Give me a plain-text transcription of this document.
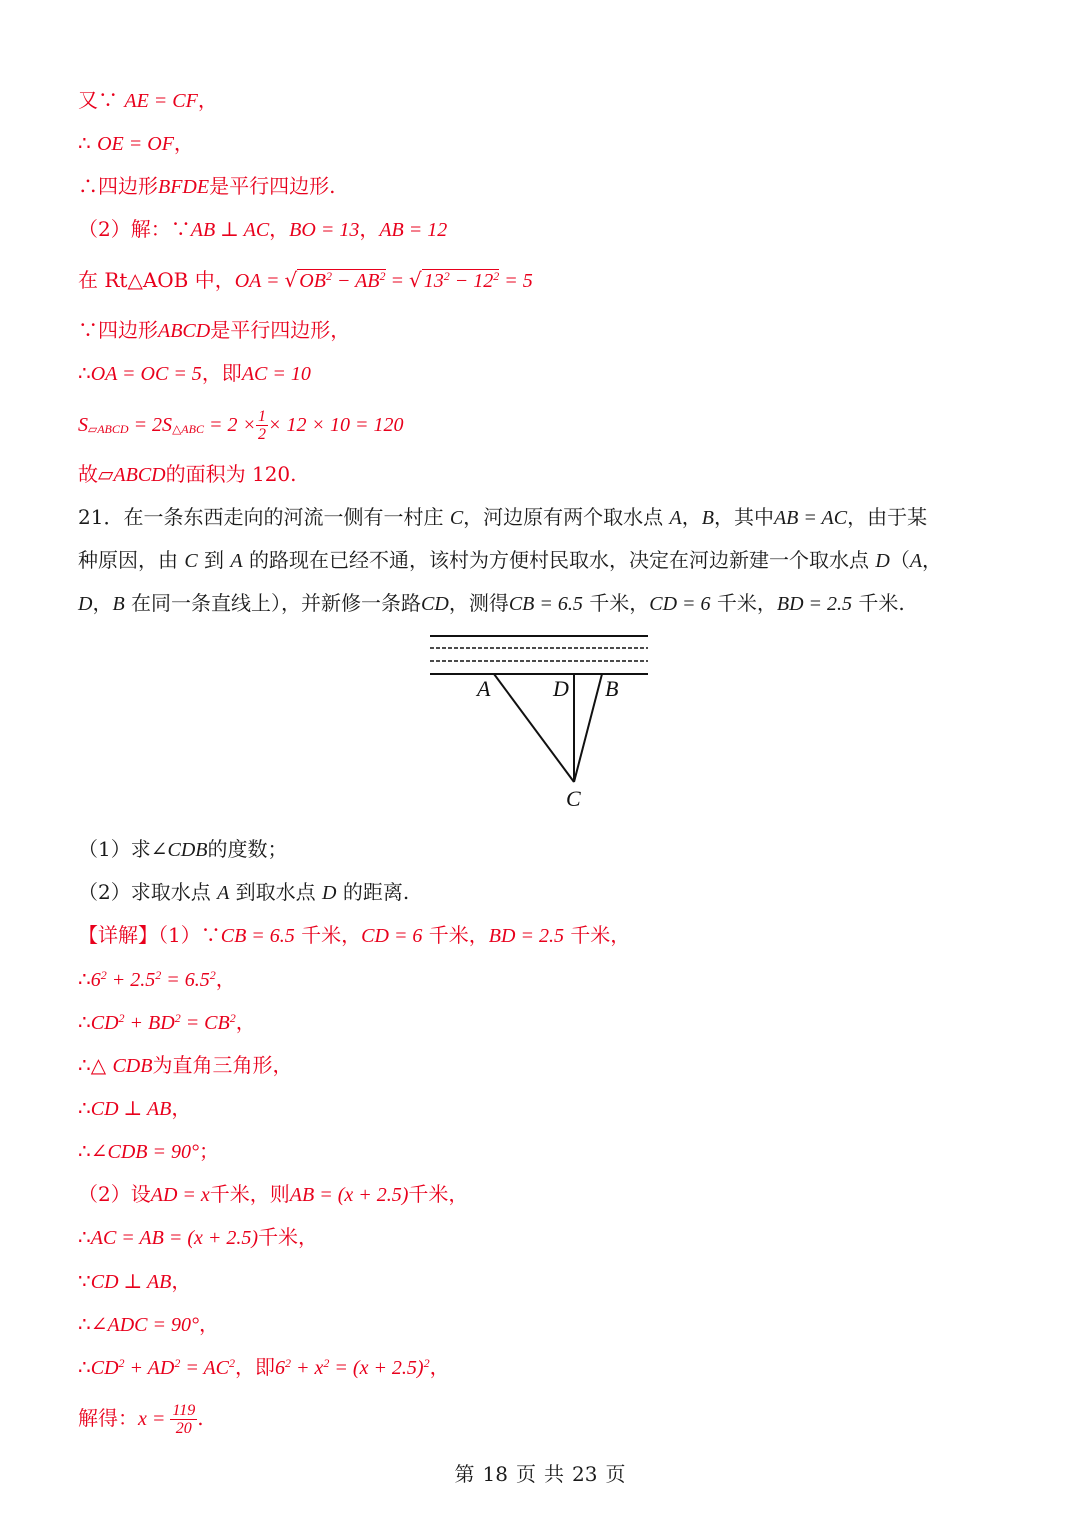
又∵ AE = CF，
∴ OE = OF，
∴四边形BFDE是平行四边形.
（2）解：∵AB ⊥ AC，BO = 13，AB = 12
在 Rt△AOB 中，OA = √ $OB^2 - AB^2$ = √ $13^2 - 12^2 = 5$
∵四边形ABCD是平行四边形，
∴OA = OC = 5，即AC = 10
$S_{▱ABCD} = 2S_{\triangle ABC} = 2 \times \frac{1}{2} \times 12 \times 10 = 120$
故▱ABCD的面积为 120.
21．在一条东西走向的河流一侧有一村庄 C，河边原有两个取水点 A，B，其中AB = AC，由于某
种原因，由 C 到 A 的路现在已经不通，该村为方便村民取水，决定在河边新建一个取水点 D（A，
D，B 在同一条直线上），并新修一条路CD，测得CB = 6.5 千米，CD = 6 千米，BD = 2.5 千米.
A	D B
C
（1）求∠CDB的度数；
（2）求取水点 A 到取水点 D 的距离.
【详解】（1）∵CB = 6.5 千米，CD = 6 千米，BD = 2.5 千米，
$\therefore 6^2 + 2.5^2 = 6.5^2$，
$\therefore CD^2 + BD^2 = CB^2$，
∴△ CDB为直角三角形，
∴CD ⊥ AB，
∴∠CDB = 90°；
（2）设AD = x千米，则AB = (x + 2.5)千米，
∴AC = AB = (x + 2.5)千米，
∵CD ⊥ AB，
∴∠ADC = 90°，
$\therefore CD^2 + AD^2 = AC^2$，即$6^2 + x^2 = (x + 2.5)^2$，
解得：$x = \frac{119}{20}$ .
第 18 页 共 23 页
